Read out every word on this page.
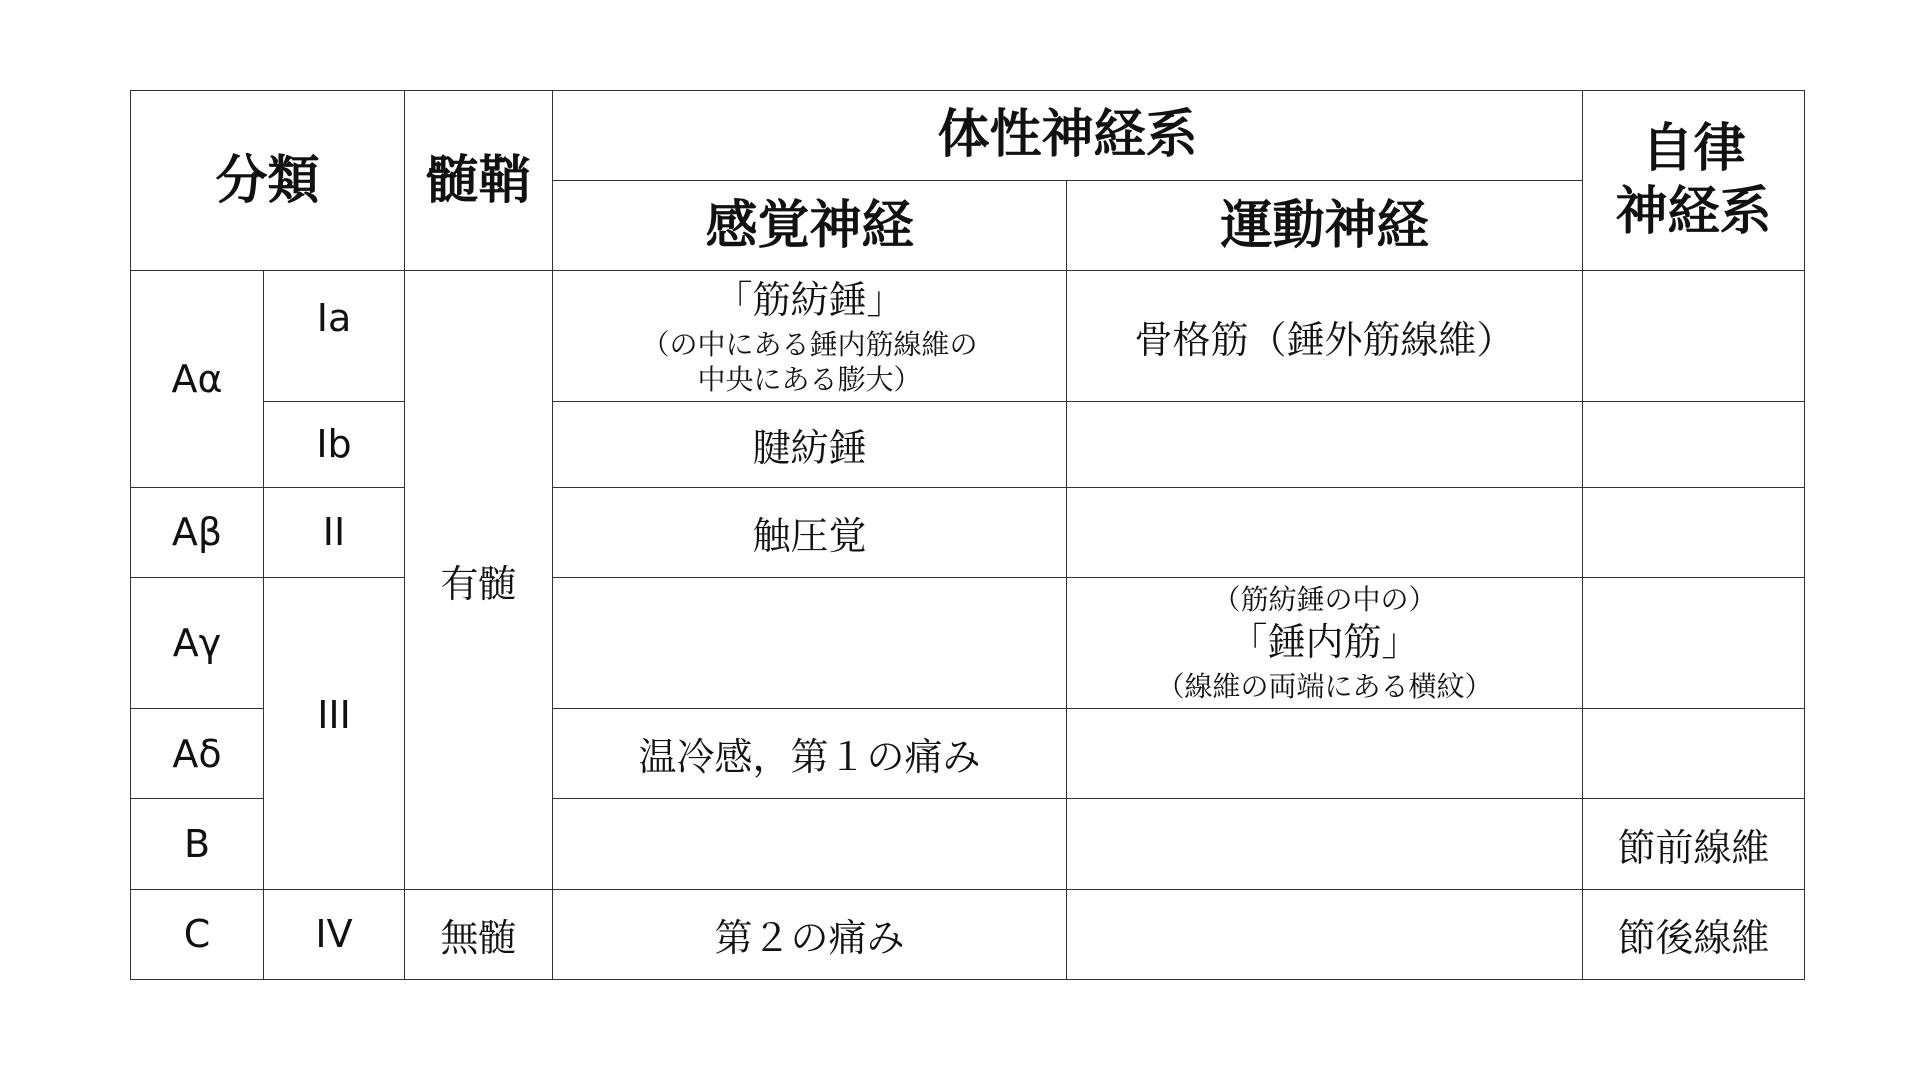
分類		髄鞘	体性神経系		自律
神経系

			感覚神経	運動神経	
Aα	Ia	有髄	「筋紡錘」
（の中にある錘内筋線維の
中央にある膨大）	骨格筋（錘外筋線維）	
	Ib		腱紡錘		
Aβ	II		触圧覚		
Aγ	III			（筋紡錘の中の）
「錘内筋」
（線維の両端にある横紋）	

Aδ			温冷感，第１の痛み		
B					節前線維
C	IV	無髄	第２の痛み		節後線維
